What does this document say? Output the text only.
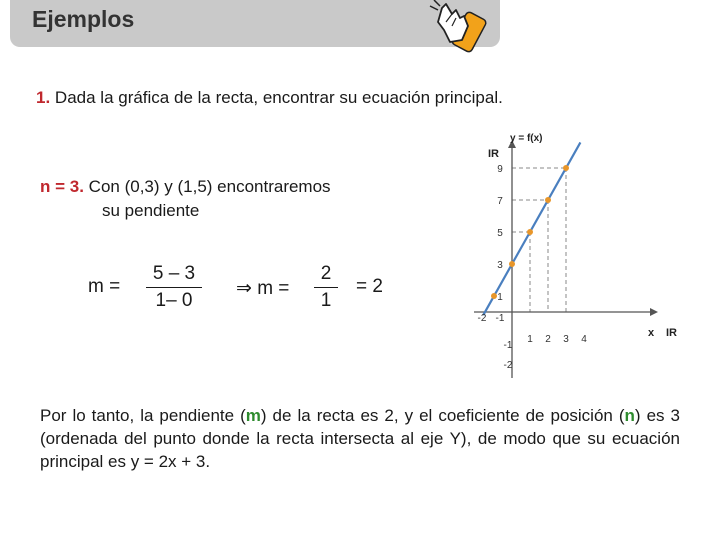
Ejemplos
1. Dada la gráfica de la recta, encontrar su ecuación principal.
n = 3. Con (0,3) y (1,5) encontraremos
su pendiente
m =
5 – 3
1– 0
⇒ m =
2
1
= 2
9
7
5
3
1
-1
-2
-2 -1
1 2 3 4
x IR
IR
y = f(x)
Por lo tanto, la pendiente (m) de la recta es 2, y el coeficiente de posición (n) es 3 (ordenada del punto donde la recta intersecta al eje Y), de modo que su ecuación principal es y = 2x + 3.
